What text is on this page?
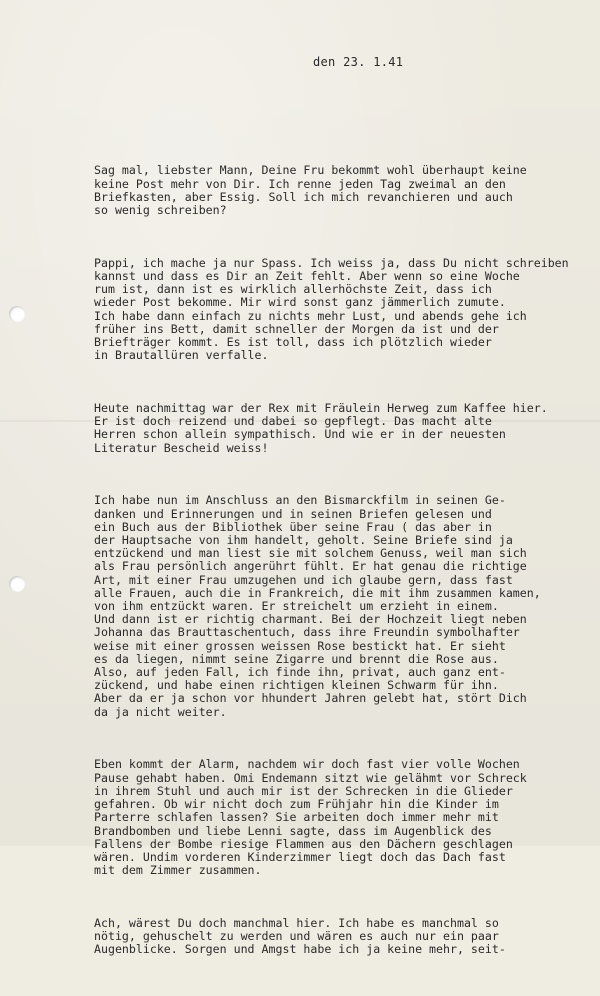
den 23. 1.41

Sag mal, liebster Mann, Deine Fru bekommt wohl überhaupt keine
keine Post mehr von Dir. Ich renne jeden Tag zweimal an den
Briefkasten, aber Essig. Soll ich mich revanchieren und auch
so wenig schreiben?

Pappi, ich mache ja nur Spass. Ich weiss ja, dass Du nicht schreiben
kannst und dass es Dir an Zeit fehlt. Aber wenn so eine Woche
rum ist, dann ist es wirklich allerhöchste Zeit, dass ich
wieder Post bekomme. Mir wird sonst ganz jämmerlich zumute.
Ich habe dann einfach zu nichts mehr Lust, und abends gehe ich
früher ins Bett, damit schneller der Morgen da ist und der
Briefträger kommt. Es ist toll, dass ich plötzlich wieder
in Brautallüren verfalle.

Heute nachmittag war der Rex mit Fräulein Herweg zum Kaffee hier.
Er ist doch reizend und dabei so gepflegt. Das macht alte
Herren schon allein sympathisch. Und wie er in der neuesten
Literatur Bescheid weiss!

Ich habe nun im Anschluss an den Bismarckfilm in seinen Ge-
danken und Erinnerungen und in seinen Briefen gelesen und
ein Buch aus der Bibliothek über seine Frau ( das aber in
der Hauptsache von ihm handelt, geholt. Seine Briefe sind ja
entzückend und man liest sie mit solchem Genuss, weil man sich
als Frau persönlich angerührt fühlt. Er hat genau die richtige
Art, mit einer Frau umzugehen und ich glaube gern, dass fast
alle Frauen, auch die in Frankreich, die mit ihm zusammen kamen,
von ihm entzückt waren. Er streichelt um erzieht in einem.
Und dann ist er richtig charmant. Bei der Hochzeit liegt neben
Johanna das Brauttaschentuch, dass ihre Freundin symbolhafter
weise mit einer grossen weissen Rose bestickt hat. Er sieht
es da liegen, nimmt seine Zigarre und brennt die Rose aus.
Also, auf jeden Fall, ich finde ihn, privat, auch ganz ent-
zückend, und habe einen richtigen kleinen Schwarm für ihn.
Aber da er ja schon vor hhundert Jahren gelebt hat, stört Dich
da ja nicht weiter.

Eben kommt der Alarm, nachdem wir doch fast vier volle Wochen
Pause gehabt haben. Omi Endemann sitzt wie gelähmt vor Schreck
in ihrem Stuhl und auch mir ist der Schrecken in die Glieder
gefahren. Ob wir nicht doch zum Frühjahr hin die Kinder im
Parterre schlafen lassen? Sie arbeiten doch immer mehr mit
Brandbomben und liebe Lenni sagte, dass im Augenblick des
Fallens der Bombe riesige Flammen aus den Dächern geschlagen
wären. Undim vorderen Kinderzimmer liegt doch das Dach fast
mit dem Zimmer zusammen.

Ach, wärest Du doch manchmal hier. Ich habe es manchmal so
nötig, gehuschelt zu werden und wären es auch nur ein paar
Augenblicke. Sorgen und Amgst habe ich ja keine mehr, seit-
